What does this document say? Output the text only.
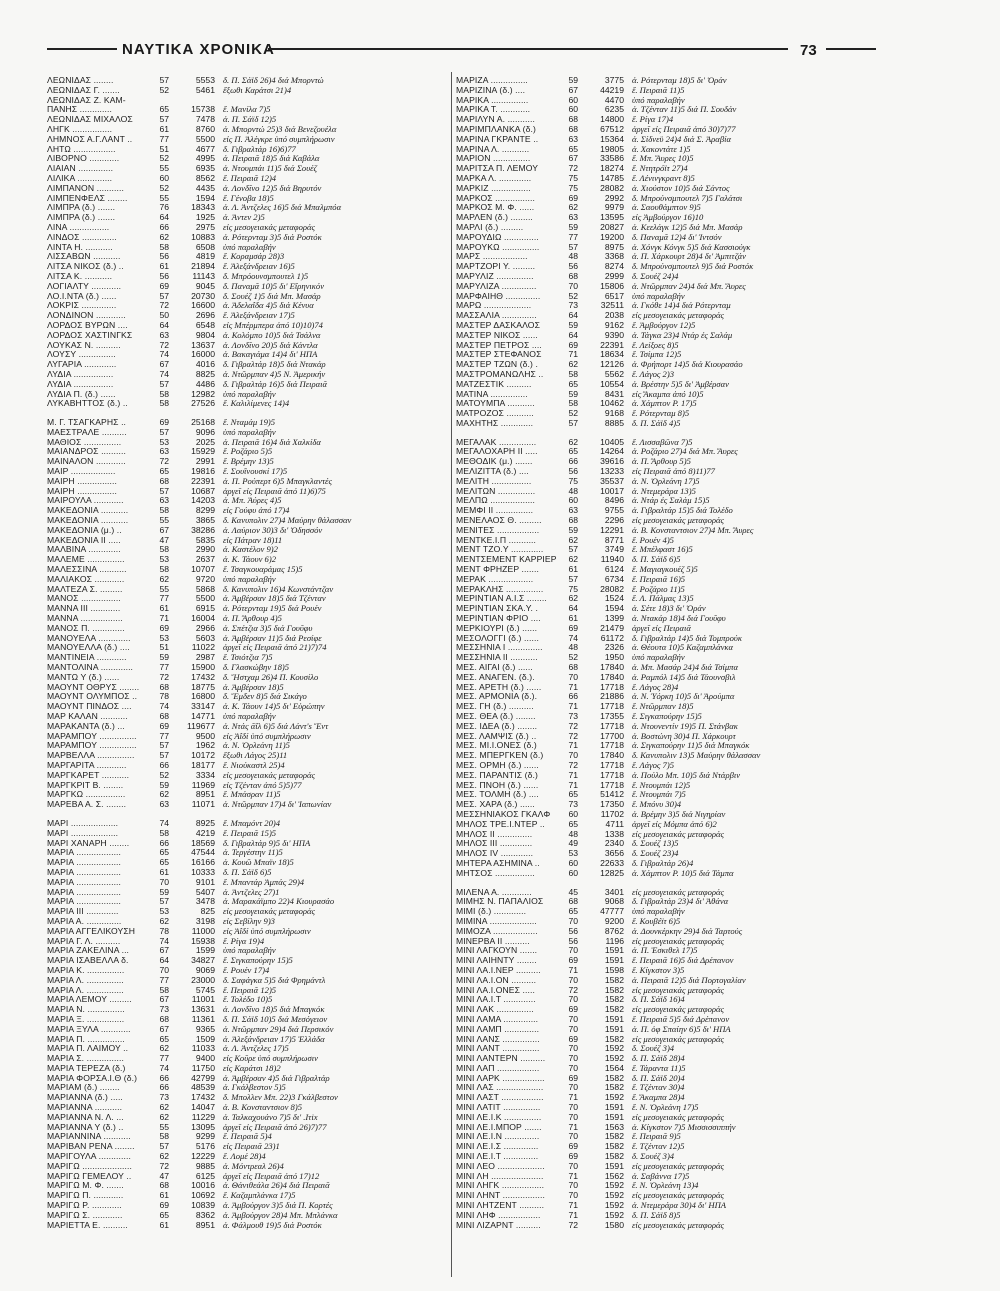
ΝΑΥΤΙΚΑ ΧΡΟΝΙΚΑ	73
ΛΕΩΝΙΔΑΣ ........	57	5553 δ. Π. Σάϊδ 26)4 διά Μπορντώ
ΛΕΩΝΙΔΑΣ Γ. .......	52	5461 ἔξωθι Καράτσι 21)4
ΛΕΩΝΙΔΑΣ Ζ. ΚΑΜ-
ΠΑΝΗΣ .............	65	15738 ἔ. Μανίλα 7)5
ΛΕΩΝΙΔΑΣ ΜΙΧΑΛΟΣ	57	7478 ἀ. Π. Σάϊδ 12)5
ΛΗΓΚ ................	61	8760 ἀ. Μπορντώ 25)3 διά Βενεζουέλα
ΛΗΜΝΟΣ Α.Γ.ΛΑΝΤ ..	77	5500 εἰς Π. Ἀλέγκρε ὑπό συμπλήρωσιν
ΛΗΤΩ .................	51	4677 δ. Γιβραλτάρ 16)6)77
ΛΙΒΟΡΝΟ ............	52	4995 ἀ. Πειραιᾶ 18)5 διά Καβάλα
ΛΙΑΙΑΝ ..............	55	6935 ἀ. Ντουμπάι 11)5 διά Σουέζ
ΛΙΛΙΚΑ ..............	60	8562 ἔ. Πειραιᾶ 12)4
ΛΙΜΠΑΝΟΝ ...........	52	4435 ἀ. Λονδῖνο 12)5 διά Βηρυτόν
ΛΙΜΠΕΝΦΕΛΣ ........	55	1594 ἔ. Γένοβα 18)5
ΛΙΜΠΡΑ (δ.) .......	76	18343 ἀ. Λ. Ἀντζελες 16)5 διά Μπαλμπόα
ΛΙΜΠΡΑ (δ.) .......	64	1925 ἀ. Ἀντεν 2)5
ΛΙΝΑ ................	66	2975 εἰς μεσογειακάς μεταφοράς
ΛΙΝΔΟΣ ..............	62	10883 ἀ. Ρότερνταμ 3)5 διά Ροστόκ
ΛΙΝΤΑ Η. ...........	58	6508 ὑπό παραλαβήν
ΛΙΣΣΑΒΩΝ ...........	56	4819 ἔ. Κοραμσάρ 28)3
ΛΙΤΣΑ ΝΙΚΟΣ (δ.) ..	61	21894 ἔ. Ἀλεξάνδρειαν 16)5
ΛΙΤΣΑ Κ. ...........	56	11143 δ. Μπρόουνσμπουτελ 1)5
ΛΟΓΙΑΛΤΥ ............	69	9045 δ. Παναμᾶ 10)5 δι' Εἴρηνικόν
ΛΟ.Ι.ΝΤΑ (δ.) ......	57	20730 δ. Σουέζ 1)5 διά Μπ. Μασάρ
ΛΟΚΡΙΣ ..............	72	16600 ἀ. Ἀδελαΐδα 4)5 διά Κένυα
ΛΟΝΔΙΝΟΝ ............	50	2696 ἔ. Ἀλεξάνδρειαν 17)5
ΛΟΡΔΟΣ ΒΥΡΩΝ ....	64	6548 εἰς Μπέρμπερα ἀπό 10)10)74
ΛΟΡΔΟΣ ΧΑΣΤΙΝΓΚΣ	63	9804 ἀ. Κολόμπο 10)5 διά Τσάλνα
ΛΟΥΚΑΣ Ν. ..........	72	13637 ἀ. Λονδῖνο 20)5 διά Κάντλα
ΛΟΥΣΥ ...............	74	16000 ἀ. Βακαγιάμα 14)4 δι' ΗΠΑ
ΛΥΓΑΡΙΑ .............	67	4016 δ. Γιβραλτάρ 18)5 διά Ντακάρ
ΛΥΔΙΑ ................	74	8825 ἀ. Ντῶρμπαν 4)5 Ν. Ἀμερικήν
ΛΥΔΙΑ ................	57	4486 δ. Γιβραλτάρ 16)5 διά Πειραιᾶ
ΛΥΔΙΑ Π. (δ.) ......	58	12982 ὑπό παραλαβήν
ΛΥΚΑΒΗΤΤΟΣ (δ.) ..	58	27526 ἔ. Καλιλίμενες 14)4
Μ. Γ. ΤΣΑΓΚΑΡΗΣ ..	69	25168 ἔ. Νταμάμ 19)5
ΜΑΕΣΤΡΑΛΕ ..........	57	9096 ὑπό παραλαβήν
ΜΑΘΙΟΣ ...............	53	2025 ἀ. Πειραιᾶ 16)4 διά Χαλκίδα
ΜΑΙΑΝΔΡΟΣ ..........	63	15929 ἔ. Ροζάριο 5)5
ΜΑΙΝΑΛΟΝ ............	72	2991 ἔ. Βρέμην 13)5
ΜΑΙΡ ..................	65	19816 ἔ. Σουΐνουσκί 17)5
ΜΑΙΡΗ ................	68	22391 ἀ. Π. Ρούπερτ 6)5 Μπαγκλαντές
ΜΑΙΡΗ ................	57	10687 ἀργεῖ εἰς Πειραιᾶ ἀπό 11)6)75
ΜΑΙΡΟΥΛΑ ............	63	14203 ἀ. Μπ. Ἀύρες 4)5
ΜΑΚΕΔΟΝΙΑ ...........	58	8299 εἰς Γούφυ ἀπό 17)4
ΜΑΚΕΔΟΝΙΑ ...........	55	3865 δ. Κανυπολιν 27)4 Μαύρην θάλασσαν
ΜΑΚΕΔΟΝΙΑ (μ.) ..	67	38286 ἀ. Λαύριον 30)3 δι' Ὀδησσόν
ΜΑΚΕΔΟΝΙΑ ΙΙ .....	47	5835 εἰς Πάτραν 18)11
ΜΑΛΒΙΝΑ .............	58	2990 ἀ. Καστέλον 9)2
ΜΑΛΕΜΕ ...............	53	2637 ἀ. Κ. Τάουν 6)2
ΜΑΛΕΣΣΙΝΑ ...........	58	10707 ἔ. Τσαγκουαράμας 15)5
ΜΑΛΙΑΚΟΣ ............	62	9720 ὑπό παραλαβήν
ΜΑΛΤΕΖΑ Σ. .........	55	5868 δ. Κανυπολιν 16)4 Κωνστάντζαν
ΜΑΝΟΣ ................	77	5500 ἀ. Ἀμβέρσαν 18)5 διά Τζένταν
ΜΑΝΝΑ ΙΙΙ ............	61	6915 ἀ. Ρότερνταμ 19)5 διά Ρουέν
ΜΑΝΝΑ .................	71	16004 ἀ. Π. Ἄρθουρ 4)5
ΜΑΝΟΣ Π. .............	69	2966 ἀ. Σπέτζια 3)5 διά Γουῦφυ
ΜΑΝΟΥΕΛΑ .............	53	5603 ἀ. Ἀμβέρσαν 11)5 διά Ρεσίφε
ΜΑΝΟΥΕΛΛΑ (δ.) ....	51	11022 ἀργεῖ εἰς Πειραιᾶ ἀπό 21)7)74
ΜΑΝΤΙΝΕΙΑ ............	59	2987 ἔ. Τσιότζια 7)5
ΜΑΝΤΟΛΙΝΑ .............	77	15900 δ. Γλασκώβην 18)5
ΜΑΝΤΩ Υ (δ.) ......	72	17432 δ. Ἤστχαμ 26)4 Π. Κουσίλο
ΜΑΟΥΝΤ ΟΘΡΥΣ ........	68	18775 ἀ. Ἀμβέρσαν 18)5
ΜΑΟΥΝΤ ΟΛΥΜΠΟΣ ..	78	16800 δ. Ἔμδεν 8)5 διά Σικάγο
ΜΑΟΥΝΤ ΠΙΝΔΟΣ ....	74	33147 ἀ. Κ. Τάουν 14)5 δι' Εὐρώπην
ΜΑΡ ΚΑΛΑΝ ...........	68	14771 ὑπό παραλαβήν
ΜΑΡΑΚΑΝΤΑ (δ.) ...	69	119677 ἀ. Ντάς ᾶΐλ 6)5 διά Λάντ's Ἔντ
ΜΑΡΑΜΠΟΥ ...............	77	9500 εἰς Ἀΐδί ὑπό συμπλήρωσιν
ΜΑΡΑΜΠΟΥ ...............	57	1962 ἀ. Ν. Ὀρλεάνη 11)5
ΜΑΡΒΕΛΛΑ ...............	57	10172 ἔξωθι Λάγος 25)11
ΜΑΡΓΑΡΙΤΑ ............	66	18177 ἔ. Νιούκαστλ 25)4
ΜΑΡΓΚΑΡΕΤ ...........	52	3334 εἰς μεσογειακάς μεταφοράς
ΜΑΡΓΚΡΙΤ Β. ........	59	11969 εἰς Τζένταν ἀπό 5)5)77
ΜΑΡΓΚΩ ................	62	8951 ἔ. Μπάσραν 11)5
ΜΑΡΕΒΑ Α. Σ. ........	63	11071 ἀ. Ντῶρμπαν 17)4 δι' Ἰαπωνίαν
ΜΑΡΙ ...................	74	8925 ἔ. Μπαμόντ 20)4
ΜΑΡΙ ...................	58	4219 ἔ. Πειραιᾶ 15)5
ΜΑΡΙ ΧΑΝΑΡΗ ........	66	18569 δ. Γιβραλτάρ 9)5 δι' ΗΠΑ
ΜΑΡΙΑ ..................	65	47544 ἀ. Τεργέστην 11)5
ΜΑΡΙΑ ..................	65	16166 ἀ. Κουῶ Μπαϊν 18)5
ΜΑΡΙΑ ..................	61	10333 δ. Π. Σάϊδ 6)5
ΜΑΡΙΑ ..................	70	9101 ἔ. Μπαντάρ Ἀμπάς 29)4
ΜΑΡΙΑ ..................	59	5407 ἀ. Ἀντζελες 27)1
ΜΑΡΙΑ ..................	57	3478 ἀ. Μαρακάϊμπο 22)4 Κιουρασάο
ΜΑΡΙΑ ΙΙΙ .............	53	825 εἰς μεσογειακάς μεταφοράς
ΜΑΡΙΑ Α. ..............	62	3198 εἰς Σεβίλην 9)3
ΜΑΡΙΑ ΑΓΓΕΛΙΚΟΥΣΗ	78	11000 εἰς Ἀΐδί ὑπό συμπλήρωσιν
ΜΑΡΙΑ Γ. Λ. ..........	74	15938 ἔ. Ρίγα 19)4
ΜΑΡΙΑ ΖΑΚΕΛΙΝΑ ...	67	1599 ὑπό παραλαβήν
ΜΑΡΙΑ ΙΣΑΒΕΛΛΑ δ.	64	34827 ἔ. Σιγκαπούρην 15)5
ΜΑΡΙΑ Κ. ...............	70	9069 ἔ. Ρουέν 17)4
ΜΑΡΙΑ Λ. ...............	77	23000 δ. Σαφάγκα 5)5 διά Φρημάντλ
ΜΑΡΙΑ Λ. ...............	58	5745 ἔ. Πειραιᾶ 12)5
ΜΑΡΙΑ ΛΕΜΟΥ .........	67	11001 ἔ. Τολέδο 10)5
ΜΑΡΙΑ Ν. ...............	73	13631 ἀ. Λονδῖνο 18)5 διά Μπαγκόκ
ΜΑΡΙΑ Ξ. ...............	68	11361 δ. Π. Σάϊδ 10)5 διά Μεσόγειον
ΜΑΡΙΑ ΞΥΛΑ ............	67	9365 ἀ. Ντῶρμπαν 29)4 διά Περσικόν
ΜΑΡΙΑ Π. ...............	65	1509 ἀ. Ἀλεξάνδρειαν 17)5 Ἐλλάδα
ΜΑΡΙΑ Π. ΛΑΙΜΟΥ ..	62	11033 ἀ. Λ. Ἀντζελες 17)5
ΜΑΡΙΑ Σ. ...............	77	9400 εἰς Κοῦρε ὑπό συμπλήρωσιν
ΜΑΡΙΑ ΤΕΡΕΖΑ (δ.)	74	11750 εἰς Καράτσι 18)2
ΜΑΡΙΑ ΦΟΡΣΑ.Ι.Θ (δ.)	66	42799 ἀ. Ἀμβέρσαν 4)5 διά Γιβραλτάρ
ΜΑΡΙΑΜ (δ.) ........	66	48539 ἀ. Γκάλβεστον 5)5
ΜΑΡΙΑΝΝΑ (δ.) .....	73	17432 δ. Μπολλεν Μπ. 22)3 Γκάλβεστον
ΜΑΡΙΑΝΝΑ ...........	62	14047 ἀ. Β. Κονσταντσιον 8)5
ΜΑΡΙΑΝΝΑ Ν. Λ. ...	62	11229 ἀ. Ταλκαχουάνο 7)5 δι' .Ιτix
ΜΑΡΙΑΝΝΑ Υ (δ.) ..	55	13095 ἀργεῖ εἰς Πειραιᾶ ἀπό 26)7)77
ΜΑΡΙΑΝΝΙΝΑ ...........	58	9299 ἔ. Πειραιᾶ 5)4
ΜΑΡΙΒΑΝ ΡΕΝΑ ........	57	5176 εἰς Πειραιᾶ 23)1
ΜΑΡΙΓΟΥΛΑ .............	62	12229 ἔ. Λομέ 28)4
ΜΑΡΙΓΩ ....................	72	9885 ἀ. Μόντρεαλ 26)4
ΜΑΡΙΓΩ ΓΕΜΕΛΟΥ ..	47	6125 ἀργεῖ εἰς Πειραιᾶ ἀπό 17)12
ΜΑΡΙΓΩ Μ. Φ. .......	68	10016 ἀ. Θάνιθεάλα 26)4 διά Πειραιᾶ
ΜΑΡΙΓΩ Π. ............	61	10692 ἔ. Καζαμπλάνκα 17)5
ΜΑΡΙΓΩ Ρ. ............	69	10839 ἀ. Ἀμβούργον 3)5 διά Π. Κορτές
ΜΑΡΙΓΩ Σ. ............	65	8362 ἀ. Ἀμβούργον 28)4 Μπ. Μπλάνκα
ΜΑΡΙΕΤΤΑ Ε. ..........	61	8951 ἀ. Φάλμουθ 19)5 διά Ροστόκ
ΜΑΡΙΖΑ ...............	59	3775 ἀ. Ρότερνταμ 18)5 δι' Ὀράν
ΜΑΡΙΖΙΝΑ (δ.) ....	67	44219 ἔ. Πειραιᾶ 11)5
ΜΑΡΙΚΑ ...............	60	4470 ὑπό παραλαβήν
ΜΑΡΙΚΑ Τ. ............	60	6235 ἀ. Τζένταν 11)5 διά Π. Σουδάν
ΜΑΡΙΛΥΝ Α. ...........	68	14800 ἔ. Ρίγα 17)4
ΜΑΡΙΜΠΛΑΝΚΑ (δ.)	68	67512 ἀργεῖ εἰς Πειραιᾶ ἀπό 30)7)77
ΜΑΡΙΝΑ ΓΚΡΑΝΤΕ ..	63	15364 ἀ. Σίδνεϋ 24)4 διά Σ. Ἀραβία
ΜΑΡΙΝΑ Λ. ...........	65	19805 ἀ. Χακοντάτε 1)5
ΜΑΡΙΟΝ ...............	67	33586 ἔ. Μπ. Ἄυρες 10)5
ΜΑΡΙΤΣΑ Π. ΛΕΜΟΥ	72	18274 ἔ. Ντητρόϊτ 27)4
ΜΑΡΚΑ Λ. .............	75	14785 ἔ. Λένινγκραντ 8)5
ΜΑΡΚΙΖ ................	75	28082 ἀ. Χιούστον 10)5 διά Σάντος
ΜΑΡΚΟΣ ................	69	2992 δ. Μπρούνσμπουτελ 7)5 Γαλάτσι
ΜΑΡΚΟΣ Μ. Φ. ......	62	9979 ἀ. Σαουθάμπτον 9)5
ΜΑΡΛΕΝ (δ.) .........	63	13595 εἰς Ἀμβούργον 16)10
ΜΑΡΛΙ (δ.) .........	59	20827 ἀ. Κεελάγκ 12)5 διά Μπ. Μασάρ
ΜΑΡΟΥΔΙΩ ..............	77	19200 δ. Παναμᾶ 12)4 δι' Ἰντσόν
ΜΑΡΟΥΚΩ ...............	57	8975 ἀ. Χόνγκ Κόνγκ 5)5 διά Κασσιούγκ
ΜΑΡΣ ..................	48	3368 ἀ. Π. Χάρκουρτ 28)4 δι' Ἀμπιτζάν
ΜΑΡΤΖΟΡΙ Υ. .........	56	8274 δ. Μπρούνσμπουτελ 9)5 διά Ροστόκ
ΜΑΡΥΛΙΖ ...............	68	2999 δ. Σουέζ 24)4
ΜΑΡΥΛΙΖΑ ..............	70	15806 ἀ. Ντῶρμπαν 24)4 διά Μπ. Ἄυρες
ΜΑΡΦΑΙΗΘ ..............	52	6517 ὑπό παραλαβήν
ΜΑΡΩ ...................	73	32511 ἀ. Γκόθε 14)4 διά Ρότερνταμ
ΜΑΣΣΑΛΙΑ ..............	64	2038 εἰς μεσογειακάς μεταφοράς
ΜΑΣΤΕΡ ΔΑΣΚΑΛΟΣ	59	9162 ἔ. Ἀμβούργον 12)5
ΜΑΣΤΕΡ ΝΙΚΟΣ ......	64	9390 ἀ. Τάγκα 23)4 Ντάρ ἐς Σαλάμ
ΜΑΣΤΕΡ ΠΕΤΡΟΣ ....	69	22391 ἔ. Λείξοες 8)5
ΜΑΣΤΕΡ ΣΤΕΦΑΝΟΣ	71	18634 ἔ. Τσίμπα 12)5
ΜΑΣΤΕΡ ΤΖΩΝ (δ.) .	62	12126 ἀ. Φρήπορτ 14)5 διά Κιουρασάο
ΜΑΣΤΡΟΜΑΝΩΛΗΣ ..	58	5562 ἔ. Λάγος 2)3
ΜΑΤΖΕΣΤΙΚ ..........	65	10554 ἀ. Βρέστην 5)5 δι' Ἀμβέρσαν
ΜΑΤΙΝΑ ...............	59	8431 εἰς Ἄκαμπα ἀπό 10)5
ΜΑΤΟΥΜΠΑ ...........	58	10462 ἀ. Χάμπτον Ρ. 17)5
ΜΑΤΡΟΖΟΣ ...........	52	9168 ἔ. Ρότερνταμ 8)5
ΜΑΧΗΤΗΣ .............	57	8885 δ. Π. Σάϊδ 4)5
ΜΕΓΑΛΑΚ ...............	62	10405 ἔ. Λισσαβῶνα 7)5
ΜΕΓΑΛΟΧΑΡΗ ΙΙ .....	65	14264 ἀ. Ροζάριο 27)4 διά Μπ. Ἄυρες
ΜΕΘΟΔΙΚ (μ.) .......	66	39616 ἀ. Π. Ἄρθουρ 5)5
ΜΕΛΙΖΙΤΤΑ (δ.) ....	56	13233 εἰς Πειραιᾶ ἀπό 8)11)77
ΜΕΛΙΤΗ ................	75	35537 ἀ. Ν. Ὀρλεάνη 17)5
ΜΕΛΙΤΩΝ ...............	48	10017 ἀ. Ντεμεράρα 13)5
ΜΕΛΠΩ ..................	60	8496 ἀ. Ντάρ ἐς Σαλάμ 15)5
ΜΕΜΦΙ ΙΙ ...............	63	9755 ἀ. Γιβραλτάρ 15)5 διά Τολέδο
ΜΕΝΕΛΑΟΣ Θ. .........	68	2296 εἰς μεσογειακάς μεταφοράς
ΜΕΝΙΤΕΣ .................	59	12291 ἀ. Β. Κονσταντσιον 27)4 Μπ. Ἄυρες
ΜΕΝΤΚΕ.Ι.Π ...........	62	8771 ἔ. Ρουέν 4)5
ΜΕΝΤ ΤΖΟ.Υ .............	57	3749 ἔ. Μπέλφαστ 16)5
ΜΕΝΤΣΕΜΕΝΤ ΚΑΡΡΙΕΡ	62	11940 δ. Π. Σάϊδ 6)5
ΜΕΝΤ ΦΡΗΖΕΡ .......	61	6124 ἔ. Μαγιαγκουέζ 5)5
ΜΕΡΑΚ ..................	57	6734 ἔ. Πειραιᾶ 16)5
ΜΕΡΑΚΛΗΣ ...............	75	28082 ἔ. Ροζάριο 11)5
ΜΕΡΙΝΤΙΑΝ Α.Ι.Σ ........	62	1524 ἔ. Λ. Πάλμας 13)5
ΜΕΡΙΝΤΙΑΝ ΣΚΑ.Υ. .	64	1594 ἀ. Σέτε 18)3 δι' Ὀράν
ΜΕΡΙΝΤΙΑΝ ΦΡΙΟ ....	61	1399 ἀ. Ντακάρ 18)4 διά Γουῦφυ
ΜΕΡΚΙΟΥΡΙ (δ.) ......	69	21479 ἀργεῖ εἰς Πειραιᾶ
ΜΕΣΟΛΟΓΓΙ (δ.) ......	74	61172 δ. Γιβραλτάρ 14)5 διά Τομπρούκ
ΜΕΣΣΗΝΙΑ Ι ..............	48	2326 ἀ. Θέουτα 10)5 Καζαμπλάνκα
ΜΕΣΣΗΝΙΑ ΙΙ ...........	52	1950 ὑπό παραλαβήν
ΜΕΣ. ΑΙΓΑΙ (δ.) ......	68	17840 ἀ. Μπ. Μασάρ 24)4 διά Τσίμπα
ΜΕΣ. ΑΝΑΓΕΝ. (δ.).	70	17840 ἀ. Ραμπόλ 14)5 διά Τάουνσβιλ
ΜΕΣ. ΑΡΕΤΗ (δ.) ......	71	17718 ἔ. Λάγος 28)4
ΜΕΣ. ΑΡΜΟΝΙΑ (δ.).	66	21886 ἀ. Ν. Ὑόρκη 10)5 δι' Ἀρούμπα
ΜΕΣ. ΓΗ (δ.) ..........	71	17718 ἔ. Ντῶρμπαν 18)5
ΜΕΣ. ΘΕΑ (δ.) ........	73	17355 ἔ. Σιγκαπούρην 15)5
ΜΕΣ. ΙΔΕΑ (δ.) ........	72	17718 ἀ. Ντουνεντίν 19)5 Π. Στάνβακ
ΜΕΣ. ΛΑΜΨΙΣ (δ.) ..	72	17700 ἀ. Βοστώνη 30)4 Π. Χάρκουρτ
ΜΕΣ. ΜΙ.Ι.ΟΝΕΣ (δ.)	71	17718 ἀ. Σιγκαπούρην 11)5 διά Μπαγκόκ
ΜΕΣ. ΜΠΕΡΓΚΕΝ (δ.)	70	17840 δ. Κανυπολιν 13)5 Μαύρην θάλασσαν
ΜΕΣ. ΟΡΜΗ (δ.) ......	72	17718 ἔ. Λάγος 7)5
ΜΕΣ. ΠΑΡΑΝΤΙΣ (δ.)	71	17718 ἀ. Πούλο Μπ. 10)5 διά Ντάρβιν
ΜΕΣ. ΠΝΟΗ (δ.) ......	71	17718 ἔ. Ντουμπάι 12)5
ΜΕΣ. ΤΟΛΜΗ (δ.) ....	65	51412 ἔ. Ντουμπάι 7)5
ΜΕΣ. ΧΑΡΑ (δ.) ......	73	17350 ἔ. Μπόνυ 30)4
ΜΕΣΣΗΝΙΑΚΟΣ ΓΚΑΛΦ	60	11702 ἀ. Βρέμην 3)5 διά Νιγηρίαν
ΜΗΛΟΣ ΤΡΕ.Ι.ΝΤΕΡ ..	65	4711 ἀργεῖ εἰς Μόμπα ἀπό 6)2
ΜΗΛΟΣ ΙΙ ..............	48	1338 εἰς μεσογειακάς μεταφοράς
ΜΗΛΟΣ ΙΙΙ .............	49	2340 δ. Σουέζ 13)5
ΜΗΛΟΣ ΙV .............	53	3656 δ. Σουέζ 23)4
ΜΗΤΕΡΑ ΑΣΗΜΙΝΑ ..	60	22633 δ. Γιβραλτάρ 26)4
ΜΗΤΣΟΣ ................	60	12825 ἀ. Χάμπτον Ρ. 10)5 διά Τάμπα
ΜΙΛΕΝΑ Α. ............	45	3401 εἰς μεσογειακάς μεταφοράς
ΜΙΜΗΣ Ν. ΠΑΠΑΛΙΟΣ	68	9068 δ. Γιβραλτάρ 23)4 δι' Ἀθάνα
ΜΙΜΙ (δ.) .............	65	47777 ὑπό παραλαβήν
ΜΙΜΙΝΑ ...................	70	9200 ἔ. Κουβέϊτ 6)5
ΜΙΜΟΖΑ ..................	56	8762 ἀ. Δουνκέρκην 29)4 διά Ταρτούς
ΜΙΝΕΡΒΑ ΙΙ ..........	56	1196 εἰς μεσογειακάς μεταφοράς
ΜΙΝΙ ΛΑΓΚΟΥΝ .......	70	1591 ἀ. Π. Ἐσκιθελ 17)5
ΜΙΝΙ ΛΑΙΗΝΤΥ ........	69	1591 ἔ. Πειραιᾶ 16)5 διά Δρέπανον
ΜΙΝΙ ΛΑ.Ι.ΝΕΡ ..........	71	1598 ἔ. Κίγκστον 3)5
ΜΙΝΙ ΛΑ.Ι.ΟΝ ..........	70	1582 ἀ. Πειραιᾶ 12)5 διά Πορτογαλίαν
ΜΙΝΙ ΛΑ.Ι.ΟΝΕΣ .....	72	1582 εἰς μεσογειακάς μεταφοράς
ΜΙΝΙ ΛΑ.Ι.Τ .............	70	1582 δ. Π. Σάϊδ 16)4
ΜΙΝΙ ΛΑΚ ...............	69	1582 εἰς μεσογειακάς μεταφοράς
ΜΙΝΙ ΛΑΜΑ ..............	70	1591 ἔ. Πειραιᾶ 5)5 διά Δρέπανον
ΜΙΝΙ ΛΑΜΠ ..............	70	1591 ἀ. Π. ὀφ Σπαίην 6)5 δι' ΗΠΑ
ΜΙΝΙ ΛΑΝΣ ...............	69	1582 εἰς μεσογειακάς μεταφοράς
ΜΙΝΙ ΛΑΝΤ ...............	70	1592 δ. Σουέζ 3)4
ΜΙΝΙ ΛΑΝΤΕΡΝ ..........	70	1592 δ. Π. Σάϊδ 28)4
ΜΙΝΙ ΛΑΠ .................	70	1564 ἔ. Τάραντα 11)5
ΜΙΝΙ ΛΑΡΚ .................	69	1582 δ. Π. Σάϊδ 20)4
ΜΙΝΙ ΛΑΣ ...................	70	1582 ἔ. Τζένταν 30)4
ΜΙΝΙ ΛΑΣΤ .................	71	1592 ἔ. Ἄκαμπα 28)4
ΜΙΝΙ ΛΑΤΙΤ ...............	70	1591 ἔ. Ν. Ὀρλεάνη 17)5
ΜΙΝΙ ΛΕ.Ι.Κ ...............	70	1591 εἰς μεσογειακάς μεταφοράς
ΜΙΝΙ ΛΕ.Ι.ΜΠΟΡ .......	71	1563 ἀ. Κίγκστον 7)5 Μισσισσιππήν
ΜΙΝΙ ΛΕ.Ι.Ν ..............	70	1582 ἔ. Πειραιᾶ 9)5
ΜΙΝΙ ΛΕ.Ι.Σ ..............	69	1582 ἔ. Τζένταν 12)5
ΜΙΝΙ ΛΕ.Ι.Τ ..............	69	1582 δ. Σουέζ 3)4
ΜΙΝΙ ΛΕΟ ...................	70	1591 εἰς μεσογειακάς μεταφοράς
ΜΙΝΙ ΛΗ .....................	71	1562 ἀ. Σαβάννα 17)5
ΜΙΝΙ ΛΗΓΚ .................	70	1592 ἔ. Ν. Ὀρλεάνη 13)4
ΜΙΝΙ ΛΗΝΤ .................	70	1592 εἰς μεσογειακάς μεταφοράς
ΜΙΝΙ ΛΗΤΖΕΝΤ ..........	71	1592 ἀ. Ντεμεράρα 30)4 δι' ΗΠΑ
ΜΙΝΙ ΛΗΦ .................	71	1592 δ. Π. Σάϊδ 8)5
ΜΙΝΙ ΛΙΖΑΡΝΤ ..........	72	1580 εἰς μεσογειακάς μεταφοράς
